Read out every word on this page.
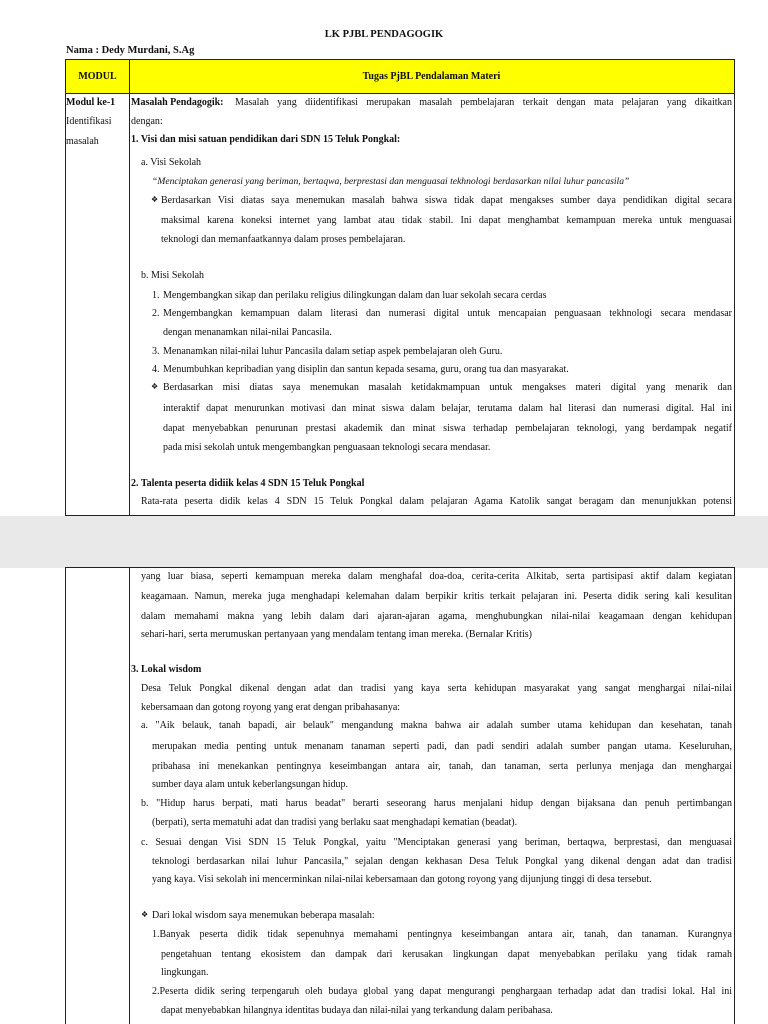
LK PJBL PENDAGOGIK
Nama : Dedy Murdani, S.Ag
MODUL	Tugas PjBL Pendalaman Materi
Modul ke-1
Identifikasi
masalah
Masalah Pendagogik: Masalah yang diidentifikasi merupakan masalah pembelajaran terkait dengan mata pelajaran yang dikaitkan
dengan:
1. Visi dan misi satuan pendidikan dari SDN 15 Teluk Pongkal:
a. Visi Sekolah
“Menciptakan generasi yang beriman, bertaqwa, berprestasi dan menguasai tekhnologi berdasarkan nilai luhur pancasila”
❖ Berdasarkan Visi diatas saya menemukan masalah bahwa siswa tidak dapat mengakses sumber daya pendidikan digital secara
maksimal karena koneksi internet yang lambat atau tidak stabil. Ini dapat menghambat kemampuan mereka untuk menguasai
teknologi dan memanfaatkannya dalam proses pembelajaran.
b. Misi Sekolah
1. Mengembangkan sikap dan perilaku religius dilingkungan dalam dan luar sekolah secara cerdas
2. Mengembangkan kemampuan dalam literasi dan numerasi digital untuk mencapaian penguasaan tekhnologi secara mendasar
dengan menanamkan nilai-nilai Pancasila.
3. Menanamkan nilai-nilai luhur Pancasila dalam setiap aspek pembelajaran oleh Guru.
4. Menumbuhkan kepribadian yang disiplin dan santun kepada sesama, guru, orang tua dan masyarakat.
❖ Berdasarkan misi diatas saya menemukan masalah ketidakmampuan untuk mengakses materi digital yang menarik dan
interaktif dapat menurunkan motivasi dan minat siswa dalam belajar, terutama dalam hal literasi dan numerasi digital. Hal ini
dapat menyebabkan penurunan prestasi akademik dan minat siswa terhadap pembelajaran teknologi, yang berdampak negatif
pada misi sekolah untuk mengembangkan penguasaan teknologi secara mendasar.
2. Talenta peserta didiik kelas 4 SDN 15 Teluk Pongkal
Rata-rata peserta didik kelas 4 SDN 15 Teluk Pongkal dalam pelajaran Agama Katolik sangat beragam dan menunjukkan potensi
yang luar biasa, seperti kemampuan mereka dalam menghafal doa-doa, cerita-cerita Alkitab, serta partisipasi aktif dalam kegiatan
keagamaan. Namun, mereka juga menghadapi kelemahan dalam berpikir kritis terkait pelajaran ini. Peserta didik sering kali kesulitan
dalam memahami makna yang lebih dalam dari ajaran-ajaran agama, menghubungkan nilai-nilai keagamaan dengan kehidupan
sehari-hari, serta merumuskan pertanyaan yang mendalam tentang iman mereka. (Bernalar Kritis)
3. Lokal wisdom
Desa Teluk Pongkal dikenal dengan adat dan tradisi yang kaya serta kehidupan masyarakat yang sangat menghargai nilai-nilai
kebersamaan dan gotong royong yang erat dengan pribahasanya:
a. "Aik belauk, tanah bapadi, air belauk" mengandung makna bahwa air adalah sumber utama kehidupan dan kesehatan, tanah
merupakan media penting untuk menanam tanaman seperti padi, dan padi sendiri adalah sumber pangan utama. Keseluruhan,
pribahasa ini menekankan pentingnya keseimbangan antara air, tanah, dan tanaman, serta perlunya menjaga dan menghargai
sumber daya alam untuk keberlangsungan hidup.
b. "Hidup harus berpati, mati harus beadat" berarti seseorang harus menjalani hidup dengan bijaksana dan penuh pertimbangan
(berpati), serta mematuhi adat dan tradisi yang berlaku saat menghadapi kematian (beadat).
c. Sesuai dengan Visi SDN 15 Teluk Pongkal, yaitu "Menciptakan generasi yang beriman, bertaqwa, berprestasi, dan menguasai
teknologi berdasarkan nilai luhur Pancasila," sejalan dengan kekhasan Desa Teluk Pongkal yang dikenal dengan adat dan tradisi
yang kaya. Visi sekolah ini mencerminkan nilai-nilai kebersamaan dan gotong royong yang dijunjung tinggi di desa tersebut.
❖ Dari lokal wisdom saya menemukan beberapa masalah:
1.Banyak peserta didik tidak sepenuhnya memahami pentingnya keseimbangan antara air, tanah, dan tanaman. Kurangnya
pengetahuan tentang ekosistem dan dampak dari kerusakan lingkungan dapat menyebabkan perilaku yang tidak ramah
lingkungan.
2.Peserta didik sering terpengaruh oleh budaya global yang dapat mengurangi penghargaan terhadap adat dan tradisi lokal. Hal ini
dapat menyebabkan hilangnya identitas budaya dan nilai-nilai yang terkandung dalam peribahasa.
